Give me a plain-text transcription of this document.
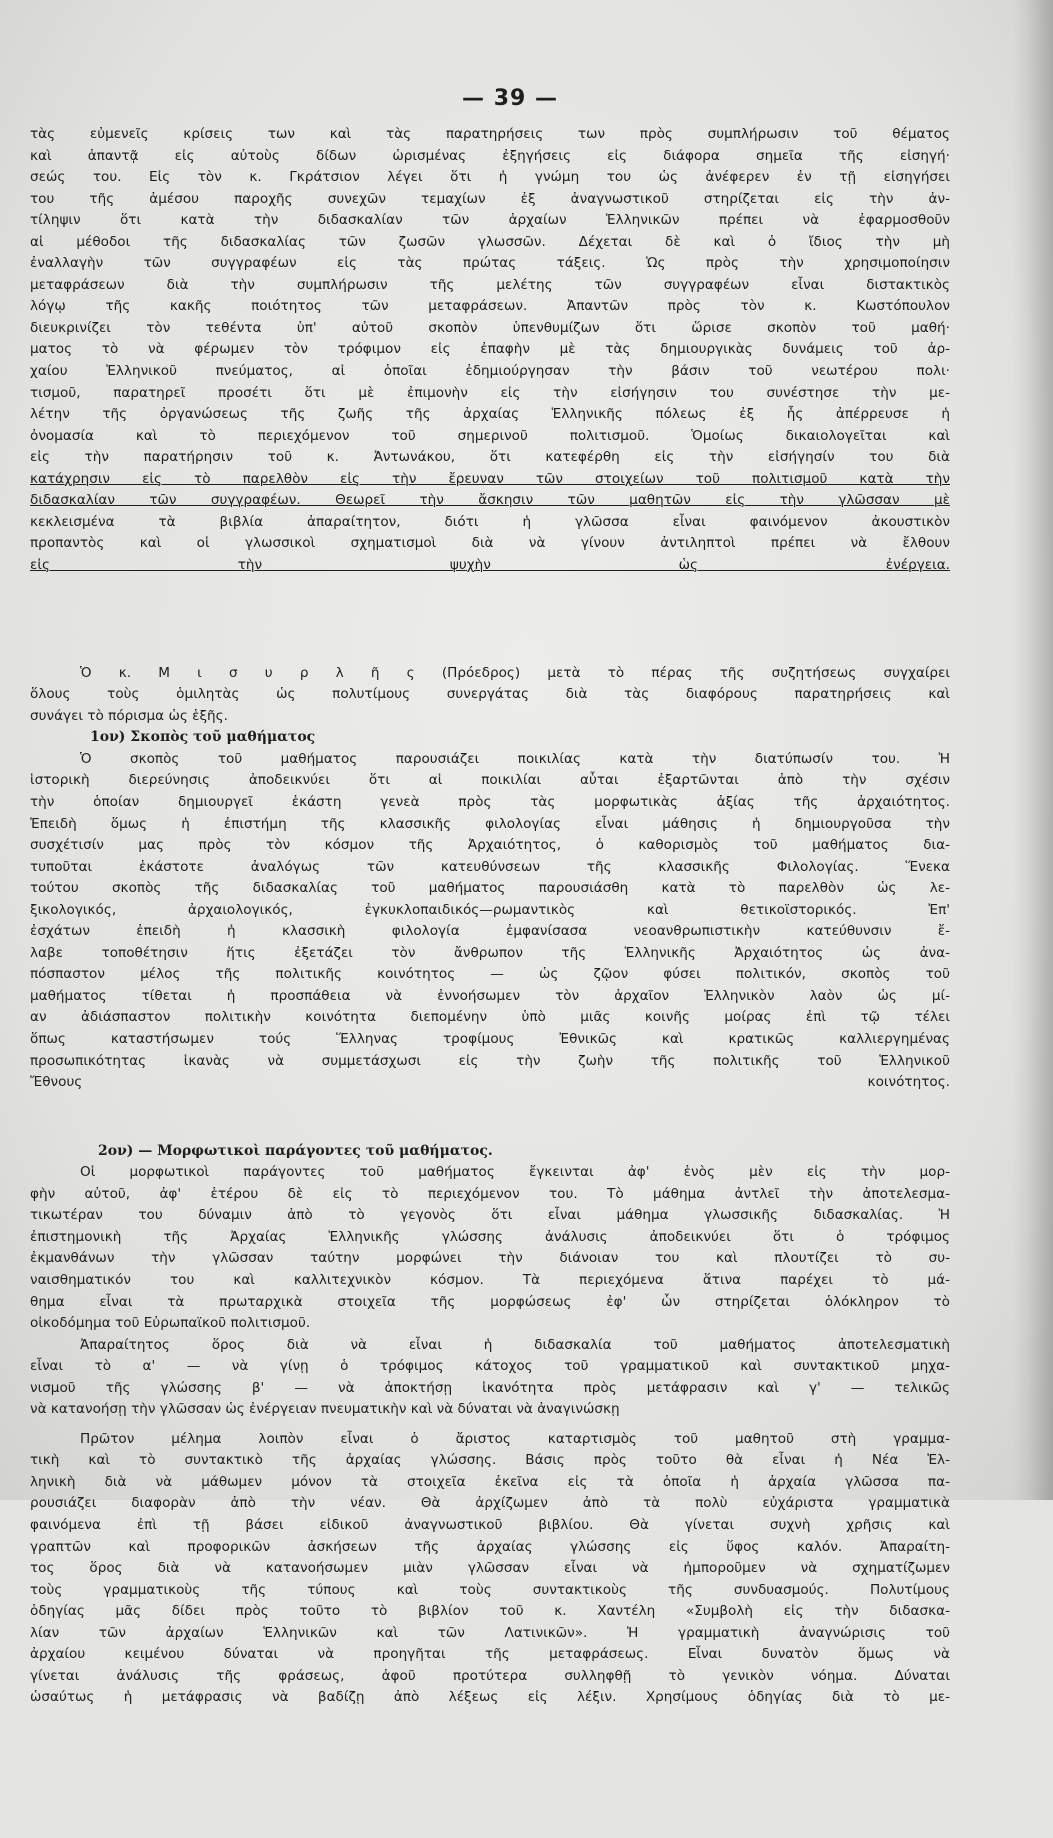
— 39 —
τὰς εὐμενεῖς κρίσεις των καὶ τὰς παρατηρήσεις των πρὸς συμπλήρωσιν τοῦ θέματος
καὶ ἀπαντᾷ εἰς αὐτοὺς δίδων ὡρισμένας ἐξηγήσεις εἰς διάφορα σημεῖα τῆς εἰσηγή·
σεώς του. Εἰς τὸν κ. Γκράτσιον λέγει ὅτι ἡ γνώμη του ὡς ἀνέφερεν ἐν τῇ εἰσηγήσει
του τῆς ἀμέσου παροχῆς συνεχῶν τεμαχίων ἐξ ἀναγνωστικοῦ στηρίζεται εἰς τὴν ἀν-
τίληψιν ὅτι κατὰ τὴν διδασκαλίαν τῶν ἀρχαίων Ἑλληνικῶν πρέπει νὰ ἐφαρμοσθοῦν
αἱ μέθοδοι τῆς διδασκαλίας τῶν ζωσῶν γλωσσῶν. Δέχεται δὲ καὶ ὁ ἴδιος τὴν μὴ
ἐναλλαγὴν τῶν συγγραφέων εἰς τὰς πρώτας τάξεις. Ὡς πρὸς τὴν χρησιμοποίησιν
μεταφράσεων διὰ τὴν συμπλήρωσιν τῆς μελέτης τῶν συγγραφέων εἶναι διστακτικὸς
λόγῳ τῆς κακῆς ποιότητος τῶν μεταφράσεων. Ἀπαντῶν πρὸς τὸν κ. Κωστόπουλον
διευκρινίζει τὸν τεθέντα ὑπ' αὐτοῦ σκοπὸν ὑπενθυμίζων ὅτι ὥρισε σκοπὸν τοῦ μαθή·
ματος τὸ νὰ φέρωμεν τὸν τρόφιμον εἰς ἐπαφὴν μὲ τὰς δημιουργικὰς δυνάμεις τοῦ ἀρ-
χαίου Ἑλληνικοῦ πνεύματος, αἱ ὁποῖαι ἐδημιούργησαν τὴν βάσιν τοῦ νεωτέρου πολι·
τισμοῦ, παρατηρεῖ προσέτι ὅτι μὲ ἐπιμονὴν εἰς τὴν εἰσήγησιν του συνέστησε τὴν με-
λέτην τῆς ὀργανώσεως τῆς ζωῆς τῆς ἀρχαίας Ἑλληνικῆς πόλεως ἐξ ἧς ἀπέρρευσε ἡ
ὀνομασία καὶ τὸ περιεχόμενον τοῦ σημερινοῦ πολιτισμοῦ. Ὁμοίως δικαιολογεῖται καὶ
εἰς τὴν παρατήρησιν τοῦ κ. Ἀντωνάκου, ὅτι κατεφέρθη εἰς τὴν εἰσήγησίν του διὰ
κατάχρησιν εἰς τὸ παρελθὸν εἰς τὴν ἔρευναν τῶν στοιχείων τοῦ πολιτισμοῦ κατὰ τὴν
διδασκαλίαν τῶν συγγραφέων. Θεωρεῖ τὴν ἄσκησιν τῶν μαθητῶν εἰς τὴν γλῶσσαν μὲ
κεκλεισμένα τὰ βιβλία ἀπαραίτητον, διότι ἡ γλῶσσα εἶναι φαινόμενον ἀκουστικὸν
προπαντὸς καὶ οἱ γλωσσικοὶ σχηματισμοὶ διὰ νὰ γίνουν ἀντιληπτοὶ πρέπει νὰ ἔλθουν
εἰς τὴν ψυχὴν ὡς ἐνέργεια.
Ὁ κ. Μ ι σ υ ρ λ ῆ ς (Πρόεδρος) μετὰ τὸ πέρας τῆς συζητήσεως συγχαίρει
ὅλους τοὺς ὁμιλητὰς ὡς πολυτίμους συνεργάτας διὰ τὰς διαφόρους παρατηρήσεις καὶ
συνάγει τὸ πόρισμα ὡς ἑξῆς.
1ον) Σκοπὸς τοῦ μαθήματος
Ὁ σκοπὸς τοῦ μαθήματος παρουσιάζει ποικιλίας κατὰ τὴν διατύπωσίν του. Ἡ
ἱστορικὴ διερεύνησις ἀποδεικνύει ὅτι αἱ ποικιλίαι αὗται ἐξαρτῶνται ἀπὸ τὴν σχέσιν
τὴν ὁποίαν δημιουργεῖ ἑκάστη γενεὰ πρὸς τὰς μορφωτικὰς ἀξίας τῆς ἀρχαιότητος.
Ἐπειδὴ ὅμως ἡ ἐπιστήμη τῆς κλασσικῆς φιλολογίας εἶναι μάθησις ἡ δημιουργοῦσα τὴν
συσχέτισίν μας πρὸς τὸν κόσμον τῆς Ἀρχαιότητος, ὁ καθορισμὸς τοῦ μαθήματος δια-
τυποῦται ἑκάστοτε ἀναλόγως τῶν κατευθύνσεων τῆς κλασσικῆς Φιλολογίας. Ἕνεκα
τούτου σκοπὸς τῆς διδασκαλίας τοῦ μαθήματος παρουσιάσθη κατὰ τὸ παρελθὸν ὡς λε-
ξικολογικός, ἀρχαιολογικός, ἐγκυκλοπαιδικός—ρωμαντικὸς καὶ θετικοϊστορικός. Ἐπ'
ἐσχάτων ἐπειδὴ ἡ κλασσικὴ φιλολογία ἐμφανίσασα νεοανθρωπιστικὴν κατεύθυνσιν ἔ-
λαβε τοποθέτησιν ἥτις ἐξετάζει τὸν ἄνθρωπον τῆς Ἑλληνικῆς Ἀρχαιότητος ὡς ἀνα-
πόσπαστον μέλος τῆς πολιτικῆς κοινότητος — ὡς ζῷον φύσει πολιτικόν, σκοπὸς τοῦ
μαθήματος τίθεται ἡ προσπάθεια νὰ ἐννοήσωμεν τὸν ἀρχαῖον Ἑλληνικὸν λαὸν ὡς μί-
αν ἀδιάσπαστον πολιτικὴν κοινότητα διεπομένην ὑπὸ μιᾶς κοινῆς μοίρας ἐπὶ τῷ τέλει
ὅπως καταστήσωμεν τούς Ἕλληνας τροφίμους Ἐθνικῶς καὶ κρατικῶς καλλιεργημένας
προσωπικότητας ἱκανὰς νὰ συμμετάσχωσι εἰς τὴν ζωὴν τῆς πολιτικῆς τοῦ Ἑλληνικοῦ
Ἔθνους κοινότητος.
2ον) — Μορφωτικοὶ παράγοντες τοῦ μαθήματος.
Οἱ μορφωτικοὶ παράγοντες τοῦ μαθήματος ἔγκεινται ἀφ' ἑνὸς μὲν εἰς τὴν μορ-
φὴν αὐτοῦ, ἀφ' ἑτέρου δὲ εἰς τὸ περιεχόμενον του. Τὸ μάθημα ἀντλεῖ τὴν ἀποτελεσμα-
τικωτέραν του δύναμιν ἀπὸ τὸ γεγονὸς ὅτι εἶναι μάθημα γλωσσικῆς διδασκαλίας. Ἡ
ἐπιστημονικὴ τῆς Ἀρχαίας Ἑλληνικῆς γλώσσης ἀνάλυσις ἀποδεικνύει ὅτι ὁ τρόφιμος
ἐκμανθάνων τὴν γλῶσσαν ταύτην μορφώνει τὴν διάνοιαν του καὶ πλουτίζει τὸ συ-
ναισθηματικόν του καὶ καλλιτεχνικὸν κόσμον. Τὰ περιεχόμενα ἅτινα παρέχει τὸ μά-
θημα εἶναι τὰ πρωταρχικὰ στοιχεῖα τῆς μορφώσεως ἐφ' ὧν στηρίζεται ὁλόκληρον τὸ
οἰκοδόμημα τοῦ Εὐρωπαϊκοῦ πολιτισμοῦ.
Ἀπαραίτητος ὅρος διὰ νὰ εἶναι ἡ διδασκαλία τοῦ μαθήματος ἀποτελεσματικὴ
εἶναι τὸ α' — νὰ γίνῃ ὁ τρόφιμος κάτοχος τοῦ γραμματικοῦ καὶ συντακτικοῦ μηχα-
νισμοῦ τῆς γλώσσης β' — νὰ ἀποκτήσῃ ἱκανότητα πρὸς μετάφρασιν καὶ γ' — τελικῶς
νὰ κατανοήσῃ τὴν γλῶσσαν ὡς ἐνέργειαν πνευματικὴν καὶ νὰ δύναται νὰ ἀναγινώσκῃ
Πρῶτον μέλημα λοιπὸν εἶναι ὁ ἄριστος καταρτισμὸς τοῦ μαθητοῦ στὴ γραμμα-
τικὴ καὶ τὸ συντακτικὸ τῆς ἀρχαίας γλώσσης. Βάσις πρὸς τοῦτο θὰ εἶναι ἡ Νέα Ἑλ-
ληνικὴ διὰ νὰ μάθωμεν μόνον τὰ στοιχεῖα ἐκεῖνα εἰς τὰ ὁποῖα ἡ ἀρχαία γλῶσσα πα-
ρουσιάζει διαφορὰν ἀπὸ τὴν νέαν. Θὰ ἀρχίζωμεν ἀπὸ τὰ πολὺ εὐχάριστα γραμματικὰ
φαινόμενα ἐπὶ τῇ βάσει εἰδικοῦ ἀναγνωστικοῦ βιβλίου. Θὰ γίνεται συχνὴ χρῆσις καὶ
γραπτῶν καὶ προφορικῶν ἀσκήσεων τῆς ἀρχαίας γλώσσης εἰς ὕφος καλόν. Ἀπαραίτη-
τος ὅρος διὰ νὰ κατανοήσωμεν μιὰν γλῶσσαν εἶναι νὰ ἠμποροῦμεν νὰ σχηματίζωμεν
τοὺς γραμματικοὺς τῆς τύπους καὶ τοὺς συντακτικοὺς τῆς συνδυασμούς. Πολυτίμους
ὁδηγίας μᾶς δίδει πρὸς τοῦτο τὸ βιβλίον τοῦ κ. Χαντέλη «Συμβολὴ εἰς τὴν διδασκα-
λίαν τῶν ἀρχαίων Ἑλληνικῶν καὶ τῶν Λατινικῶν». Ἡ γραμματικὴ ἀναγνώρισις τοῦ
ἀρχαίου κειμένου δύναται νὰ προηγῆται τῆς μεταφράσεως. Εἶναι δυνατὸν ὅμως νὰ
γίνεται ἀνάλυσις τῆς φράσεως, ἀφοῦ προτύτερα συλληφθῇ τὸ γενικὸν νόημα. Δύναται
ὡσαύτως ἡ μετάφρασις νὰ βαδίζῃ ἀπὸ λέξεως εἰς λέξιν. Χρησίμους ὁδηγίας διὰ τὸ με-
